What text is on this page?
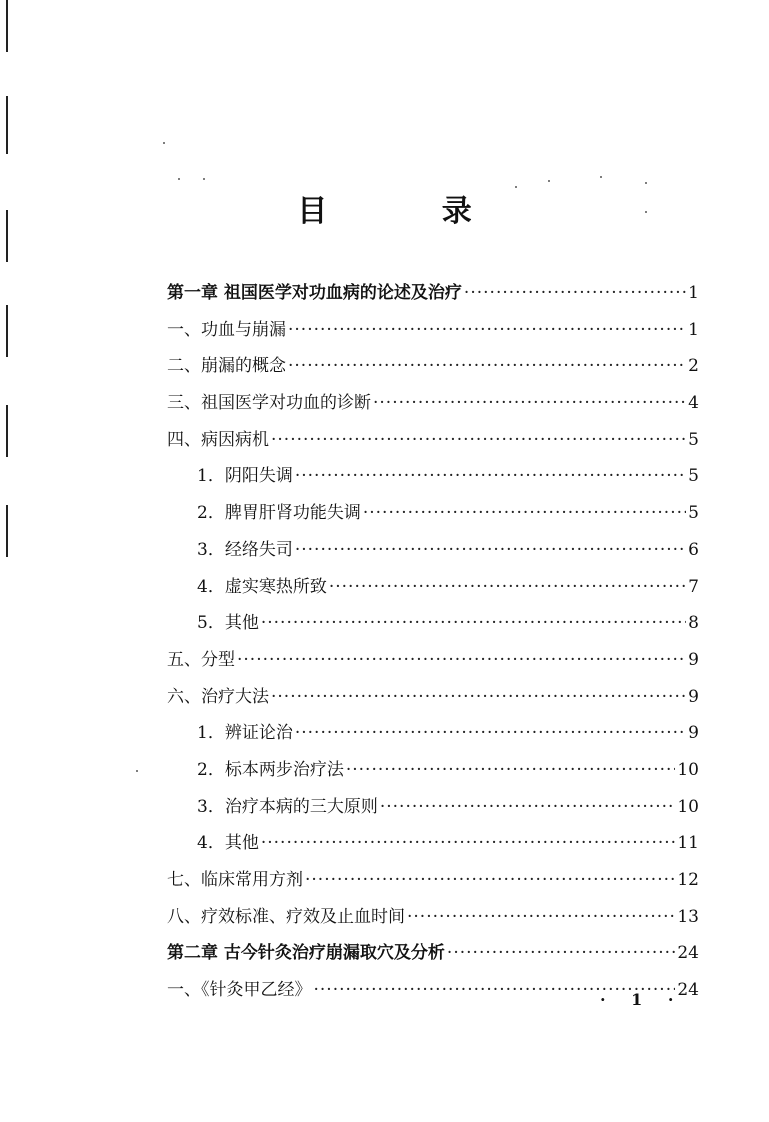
目 录
第一章 祖国医学对功血病的论述及治疗 ·····	1
一、功血与崩漏 ·····	1
二、崩漏的概念 ·····	2
三、祖国医学对功血的诊断 ·····	4
四、病因病机 ·····	5
1．阴阳失调 ·····	5
2．脾胃肝肾功能失调 ·····	5
3．经络失司 ·····	6
4．虚实寒热所致 ·····	7
5．其他 ·····	8
五、分型 ·····	9
六、治疗大法 ·····	9
1．辨证论治 ·····	9
2．标本两步治疗法 ·····	10
3．治疗本病的三大原则 ·····	10
4．其他 ·····	11
七、临床常用方剂 ·····	12
八、疗效标准、疗效及止血时间 ·····	13
第二章 古今针灸治疗崩漏取穴及分析 ·····	24
一、《针灸甲乙经》 ·····	24
· 1 ·
